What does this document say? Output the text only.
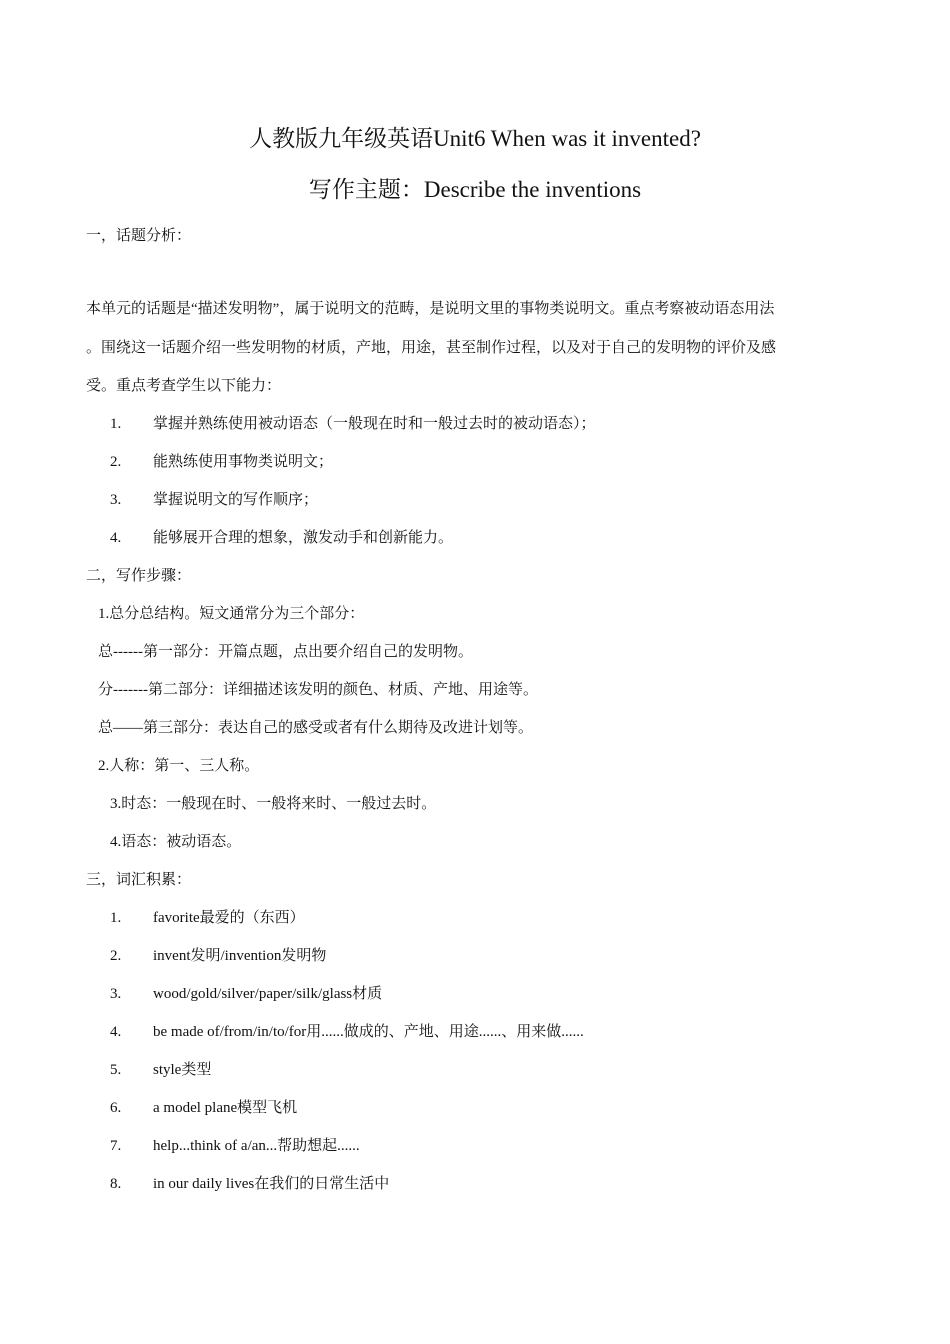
人教版九年级英语Unit6 When was it invented?
写作主题：Describe the inventions
一，话题分析：
本单元的话题是“描述发明物”，属于说明文的范畴，是说明文里的事物类说明文。重点考察被动语态用法
。围绕这一话题介绍一些发明物的材质，产地，用途，甚至制作过程，以及对于自己的发明物的评价及感
受。重点考查学生以下能力：
1. 掌握并熟练使用被动语态（一般现在时和一般过去时的被动语态）；
2. 能熟练使用事物类说明文；
3. 掌握说明文的写作顺序；
4. 能够展开合理的想象，激发动手和创新能力。
二，写作步骤：
1.总分总结构。短文通常分为三个部分：
总------第一部分：开篇点题，点出要介绍自己的发明物。
分-------第二部分：详细描述该发明的颜色、材质、产地、用途等。
总——第三部分：表达自己的感受或者有什么期待及改进计划等。
2.人称：第一、三人称。
3.时态：一般现在时、一般将来时、一般过去时。
4.语态：被动语态。
三，词汇积累：
1. favorite最爱的（东西）
2. invent发明/invention发明物
3. wood/gold/silver/paper/silk/glass材质
4. be made of/from/in/to/for用......做成的、产地、用途......、用来做......
5. style类型
6. a model plane模型飞机
7. help...think of a/an...帮助想起......
8. in our daily lives在我们的日常生活中
